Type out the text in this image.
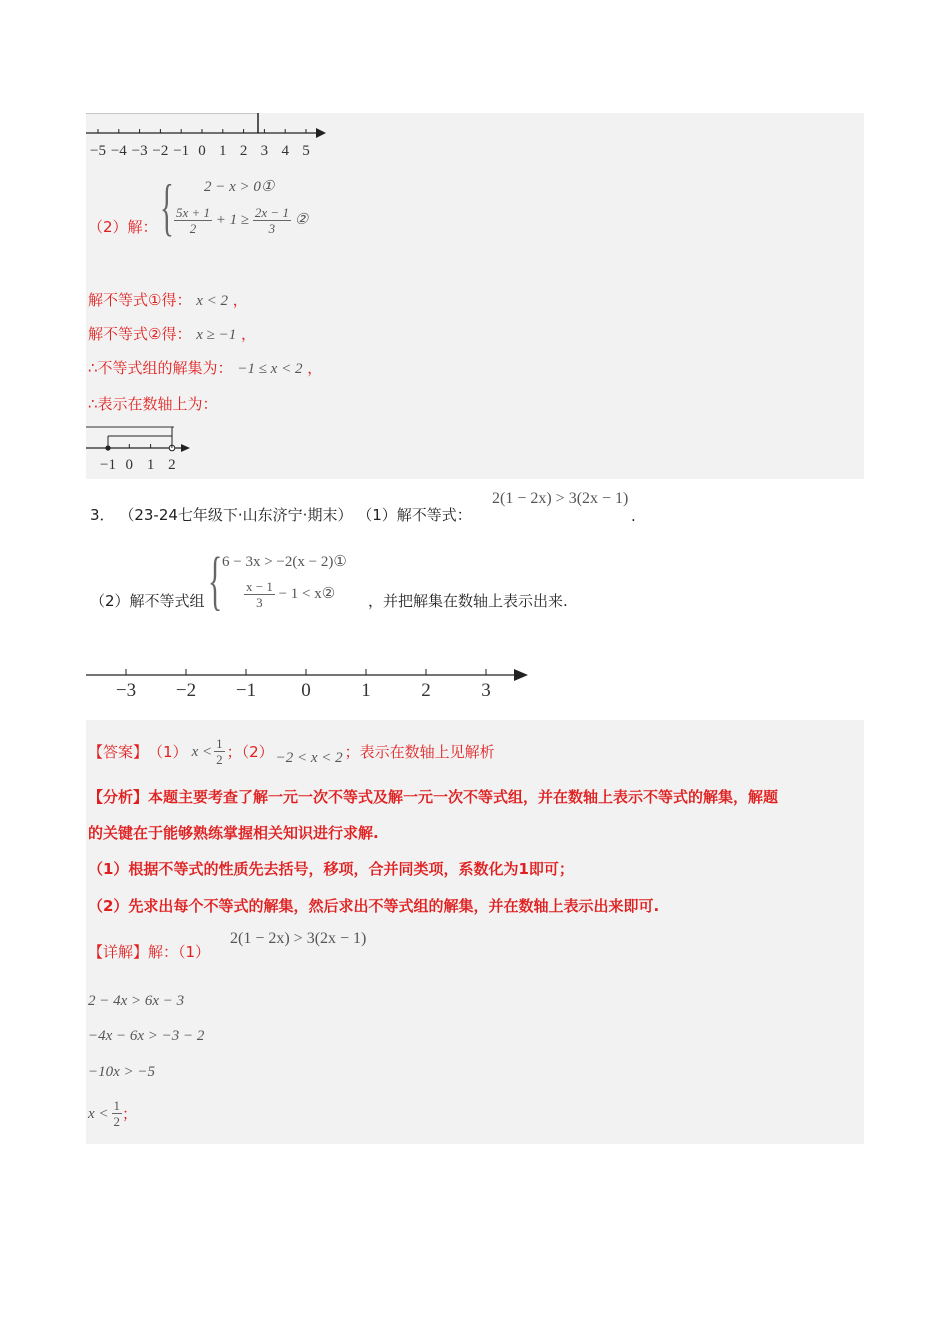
−5 −4 −3 −2 −1 0 1 2 3 4 5
（2）解： { 2 − x > 0①
$\frac{5x + 1}{2} + 1 \ge \frac{2x - 1}{3}$ ②
解不等式①得： x < 2 ，
解不等式②得： x ≥ −1 ，
∴不等式组的解集为： −1 ≤ x < 2 ，
∴表示在数轴上为：
−1 0 1 2
3． （23-24七年级下·山东济宁·期末） （1）解不等式：
2(1 − 2x) > 3(2x − 1)
.
（2）解不等式组 { 6 − 3x > −2(x − 2)①
$\frac{x - 1}{3} - 1$ < x② ，并把解集在数轴上表示出来.
−3 −2 −1 0	1	2	3
【答案】 （1） $x < \frac{1}{2}$ ；（2） −2 < x < 2 ；表示在数轴上见解析
【分析】本题主要考查了解一元一次不等式及解一元一次不等式组，并在数轴上表示不等式的解集，解题
的关键在于能够熟练掌握相关知识进行求解.
（1）根据不等式的性质先去括号，移项，合并同类项，系数化为1即可；
（2）先求出每个不等式的解集，然后求出不等式组的解集，并在数轴上表示出来即可.
【详解】解：（1）
2(1 − 2x) > 3(2x − 1)
2 − 4x > 6x − 3
−4x − 6x > −3 − 2
−10x > −5
$x < \frac{1}{2}$ ；
